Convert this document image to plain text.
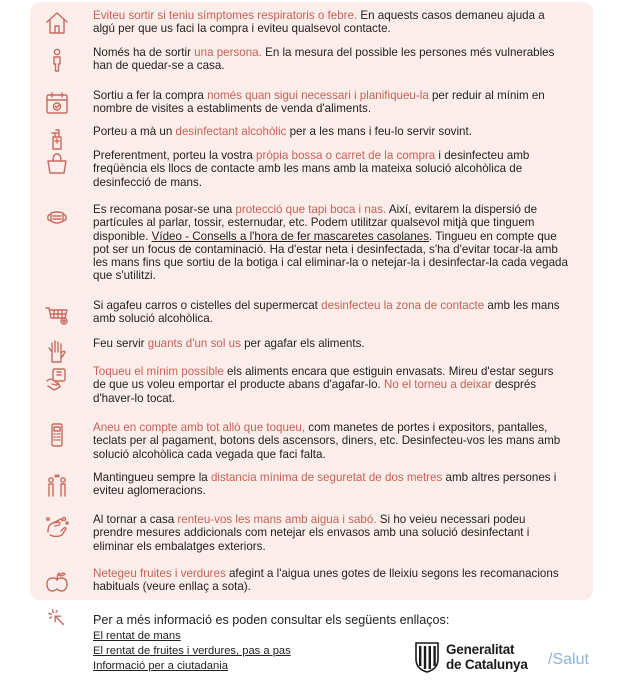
Eviteu sortir si teniu símptomes respiratoris o febre. En aquests casos demaneu ajuda a algú per que us faci la compra i eviteu qualsevol contacte.
Només ha de sortir una persona. En la mesura del possible les persones més vulnerables han de quedar-se a casa.
Sortiu a fer la compra només quan sigui necessari i planifiqueu-la per reduir al mínim en nombre de visites a establiments de venda d'aliments.
Porteu a mà un desinfectant alcohòlic per a les mans i feu-lo servir sovint.
Preferentment, porteu la vostra pròpia bossa o carret de la compra i desinfecteu amb freqüència els llocs de contacte amb les mans amb la mateixa solució alcohòlica de desinfecció de mans.
Es recomana posar-se una protecció que tapi boca i nas. Així, evitarem la dispersió de partícules al parlar, tossir, esternudar, etc. Podem utilitzar qualsevol mitjà que tinguem disponible. Vídeo - Consells a l'hora de fer mascaretes casolanes. Tingueu en compte que pot ser un focus de contaminació. Ha d'estar neta i desinfectada, s'ha d'evitar tocar-la amb les mans fins que sortiu de la botiga i cal eliminar-la o netejar-la i desinfectar-la cada vegada que s'utilitzi.
Si agafeu carros o cistelles del supermercat desinfecteu la zona de contacte amb les mans amb solució alcohòlica.
Feu servir guants d'un sol us per agafar els aliments.
Toqueu el mínim possible els aliments encara que estiguin envasats. Mireu d'estar segurs de que us voleu emportar el producte abans d'agafar-lo. No el torneu a deixar després d'haver-lo tocat.
Aneu en compte amb tot allò que toqueu, com manetes de portes i expositors, pantalles, teclats per al pagament, botons dels ascensors, diners, etc. Desinfecteu-vos les mans amb solució alcohòlica cada vegada que faci falta.
Mantingueu sempre la distancia mínima de seguretat de dos metres amb altres persones i eviteu aglomeracions.
Al tornar a casa renteu-vos les mans amb aigua i sabó. Si ho veieu necessari podeu prendre mesures addicionals com netejar els envasos amb una solució desinfectant i eliminar els embalatges exteriors.
Netegeu fruites i verdures afegint a l'aigua unes gotes de lleixiu segons les recomanacions habituals (veure enllaç a sota).
Per a més informació es poden consultar els següents enllaços:
El rentat de mans
El rentat de fruites i verdures, pas a pas
Informació per a ciutadania
Generalitat
de Catalunya /Salut
